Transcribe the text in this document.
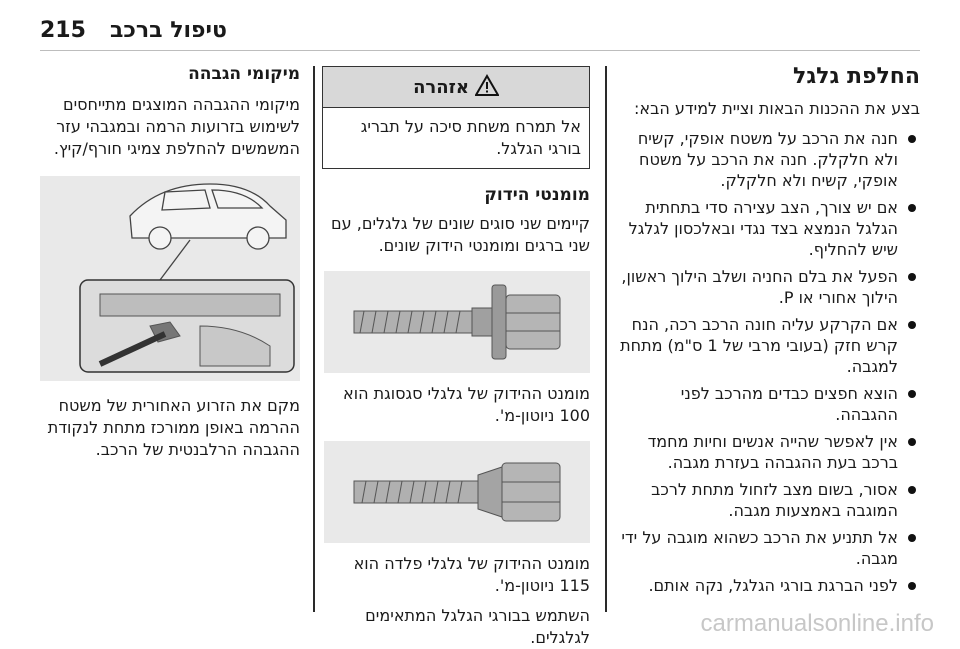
215 טיפול ברכב
החלפת גלגל

בצע את ההכנות הבאות וציית למידע הבא:

חנה את הרכב על משטח אופקי, קשיח ולא חלקלק. חנה את הרכב על משטח אופקי, קשיח ולא חלקלק.
אם יש צורך, הצב עצירה סדי בתחתית הגלגל הנמצא בצד נגדי ובאלכסון לגלגל שיש להחליף.
הפעל את בלם החניה ושלב הילוך ראשון, הילוך אחורי או P.
אם הקרקע עליה חונה הרכב רכה, הנח קרש חזק (בעובי מרבי של 1 ס"מ) מתחת למגבה.
הוצא חפצים כבדים מהרכב לפני ההגבהה.
אין לאפשר שהייה אנשים וחיות מחמד ברכב בעת ההגבהה בעזרת מגבה.
אסור, בשום מצב לזחול מתחת לרכב המוגבה באמצעות מגבה.
אל תתניע את הרכב כשהוא מוגבה על ידי מגבה.
לפני הברגת בורגי הגלגל, נקה אותם.
אזהרה
אל תמרח משחת סיכה על תבריג בורגי הגלגל.
מומנטי הידוק

קיימים שני סוגים שונים של גלגלים, עם שני ברגים ומומנטי הידוק שונים.

מומנט ההידוק של גלגלי סגסוגת הוא 100 ניוטון-מ'.

מומנט ההידוק של גלגלי פלדה הוא 115 ניוטון-מ'.

השתמש בבורגי הגלגל המתאימים לגלגלים.

מיקומי הגבהה

מיקומי ההגבהה המוצגים מתייחסים לשימוש בזרועות הרמה ובמגבהי עזר המשמשים להחלפת צמיגי חורף/קיץ.

מקם את הזרוע האחורית של משטח ההרמה באופן ממורכז מתחת לנקודת ההגבהה הרלבנטית של הרכב.

carmanualsonline.info
